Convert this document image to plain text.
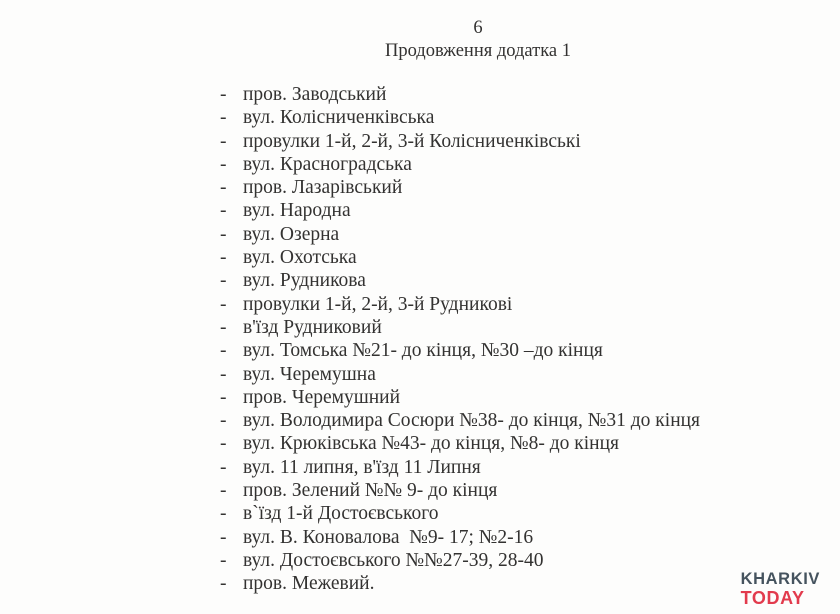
6
Продовження додатка 1
- пров. Заводський
- вул. Колісниченківська
- провулки 1-й, 2-й, 3-й Колісниченківські
- вул. Красноградська
- пров. Лазарівський
- вул. Народна
- вул. Озерна
- вул. Охотська
- вул. Рудникова
- провулки 1-й, 2-й, 3-й Рудникові
- в'їзд Рудниковий
- вул. Томська №21- до кінця, №30 –до кінця
- вул. Черемушна
- пров. Черемушний
- вул. Володимира Сосюри №38- до кінця, №31 до кінця
- вул. Крюківська №43- до кінця, №8- до кінця
- вул. 11 липня, в'їзд 11 Липня
- пров. Зелений №№ 9- до кінця
- в`їзд 1-й Достоєвського
- вул. В. Коновалова  №9- 17; №2-16
- вул. Достоєвського №№27-39, 28-40
- пров. Межевий.	KHARKIV
TODAY
